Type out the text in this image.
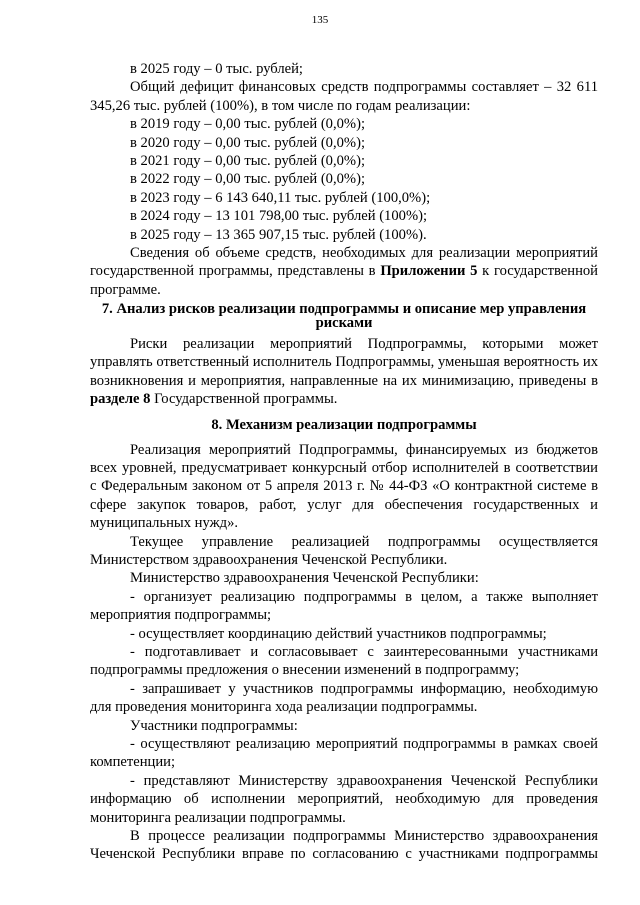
135

в 2025 году – 0 тыс. рублей;

Общий дефицит финансовых средств подпрограммы составляет – 32 611 345,26 тыс. рублей (100%), в том числе по годам реализации:

в 2019 году – 0,00 тыс. рублей (0,0%);

в 2020 году – 0,00 тыс. рублей (0,0%);

в 2021 году – 0,00 тыс. рублей (0,0%);

в 2022 году – 0,00 тыс. рублей (0,0%);

в 2023 году – 6 143 640,11 тыс. рублей (100,0%);

в 2024 году – 13 101 798,00 тыс. рублей (100%);

в 2025 году – 13 365 907,15 тыс. рублей (100%).

Сведения об объеме средств, необходимых для реализации мероприятий государственной программы, представлены в Приложении 5 к государственной программе.

7. Анализ рисков реализации подпрограммы и описание мер управления рисками

Риски реализации мероприятий Подпрограммы, которыми может управлять ответственный исполнитель Подпрограммы, уменьшая вероятность их возникновения и мероприятия, направленные на их минимизацию, приведены в разделе 8 Государственной программы.

8. Механизм реализации подпрограммы

Реализация мероприятий Подпрограммы, финансируемых из бюджетов всех уровней, предусматривает конкурсный отбор исполнителей в соответствии с Федеральным законом от 5 апреля 2013 г. № 44-ФЗ «О контрактной системе в сфере закупок товаров, работ, услуг для обеспечения государственных и муниципальных нужд».

Текущее управление реализацией подпрограммы осуществляется Министерством здравоохранения Чеченской Республики.

Министерство здравоохранения Чеченской Республики:

- организует реализацию подпрограммы в целом, а также выполняет мероприятия подпрограммы;

- осуществляет координацию действий участников подпрограммы;

- подготавливает и согласовывает с заинтересованными участниками подпрограммы предложения о внесении изменений в подпрограмму;

- запрашивает у участников подпрограммы информацию, необходимую для проведения мониторинга хода реализации подпрограммы.

Участники подпрограммы:

- осуществляют реализацию мероприятий подпрограммы в рамках своей компетенции;

- представляют Министерству здравоохранения Чеченской Республики информацию об исполнении мероприятий, необходимую для проведения мониторинга реализации подпрограммы.

В процессе реализации подпрограммы Министерство здравоохранения Чеченской Республики вправе по согласованию с участниками подпрограммы
